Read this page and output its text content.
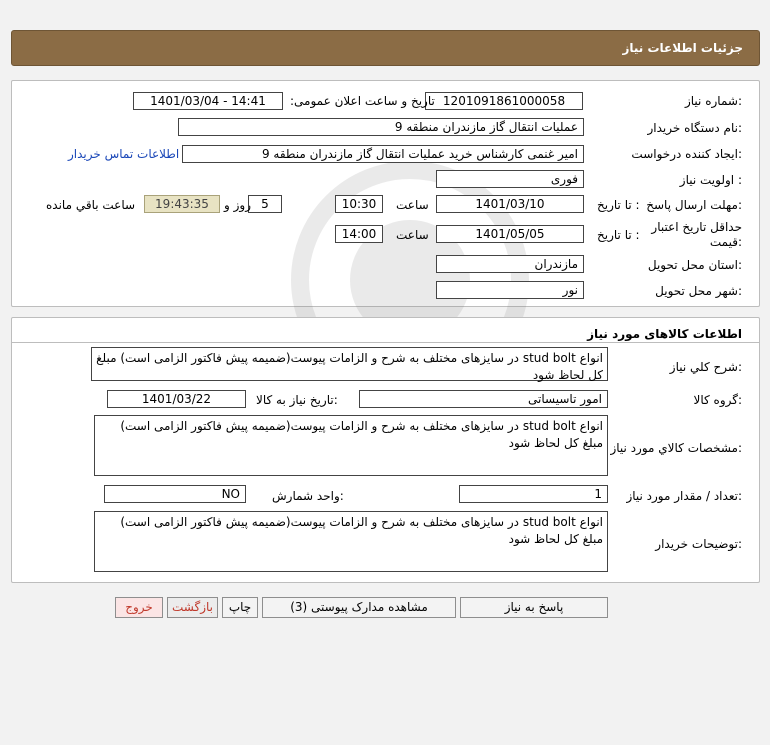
جزئیات اطلاعات نیاز
شماره نیاز:
1201091861000058
تاریخ و ساعت اعلان عمومی:
1401/03/04 - 14:41
نام دستگاه خریدار:
عملیات انتقال گاز مازندران منطقه 9
ایجاد کننده درخواست:
امیر غنمی کارشناس خرید عملیات انتقال گاز مازندران منطقه 9
اطلاعات تماس خریدار
اولویت نیاز :
فوری
مهلت ارسال پاسخ:
تا تاریخ :
1401/03/10
ساعت
10:30
5
روز و
19:43:35
ساعت باقي مانده
حداقل تاریخ اعتبار
قیمت:
تا تاریخ :
1401/05/05
ساعت
14:00
استان محل تحویل:
مازندران
شهر محل تحویل:
نور
اطلاعات کالاهای مورد نیاز
شرح کلي نياز:
انواع stud bolt در سایزهای مختلف به شرح و الزامات پیوست(ضمیمه پیش فاکتور الزامی است) مبلغ کل لحاظ شود
گروه کالا:
امور تاسیساتی
تاریخ نیاز به کالا:
1401/03/22
مشخصات كالاي مورد نياز:
انواع stud bolt در سایزهای مختلف به شرح و الزامات پیوست(ضمیمه پیش فاکتور الزامی است) مبلغ کل لحاظ شود
تعداد / مقدار مورد نیاز:
1
واحد شمارش:
NO
توضیحات خریدار:
انواع stud bolt در سایزهای مختلف به شرح و الزامات پیوست(ضمیمه پیش فاکتور الزامی است) مبلغ کل لحاظ شود
پاسخ به نیاز
مشاهده مدارک پیوستی (3)
چاپ
بازگشت
خروج
